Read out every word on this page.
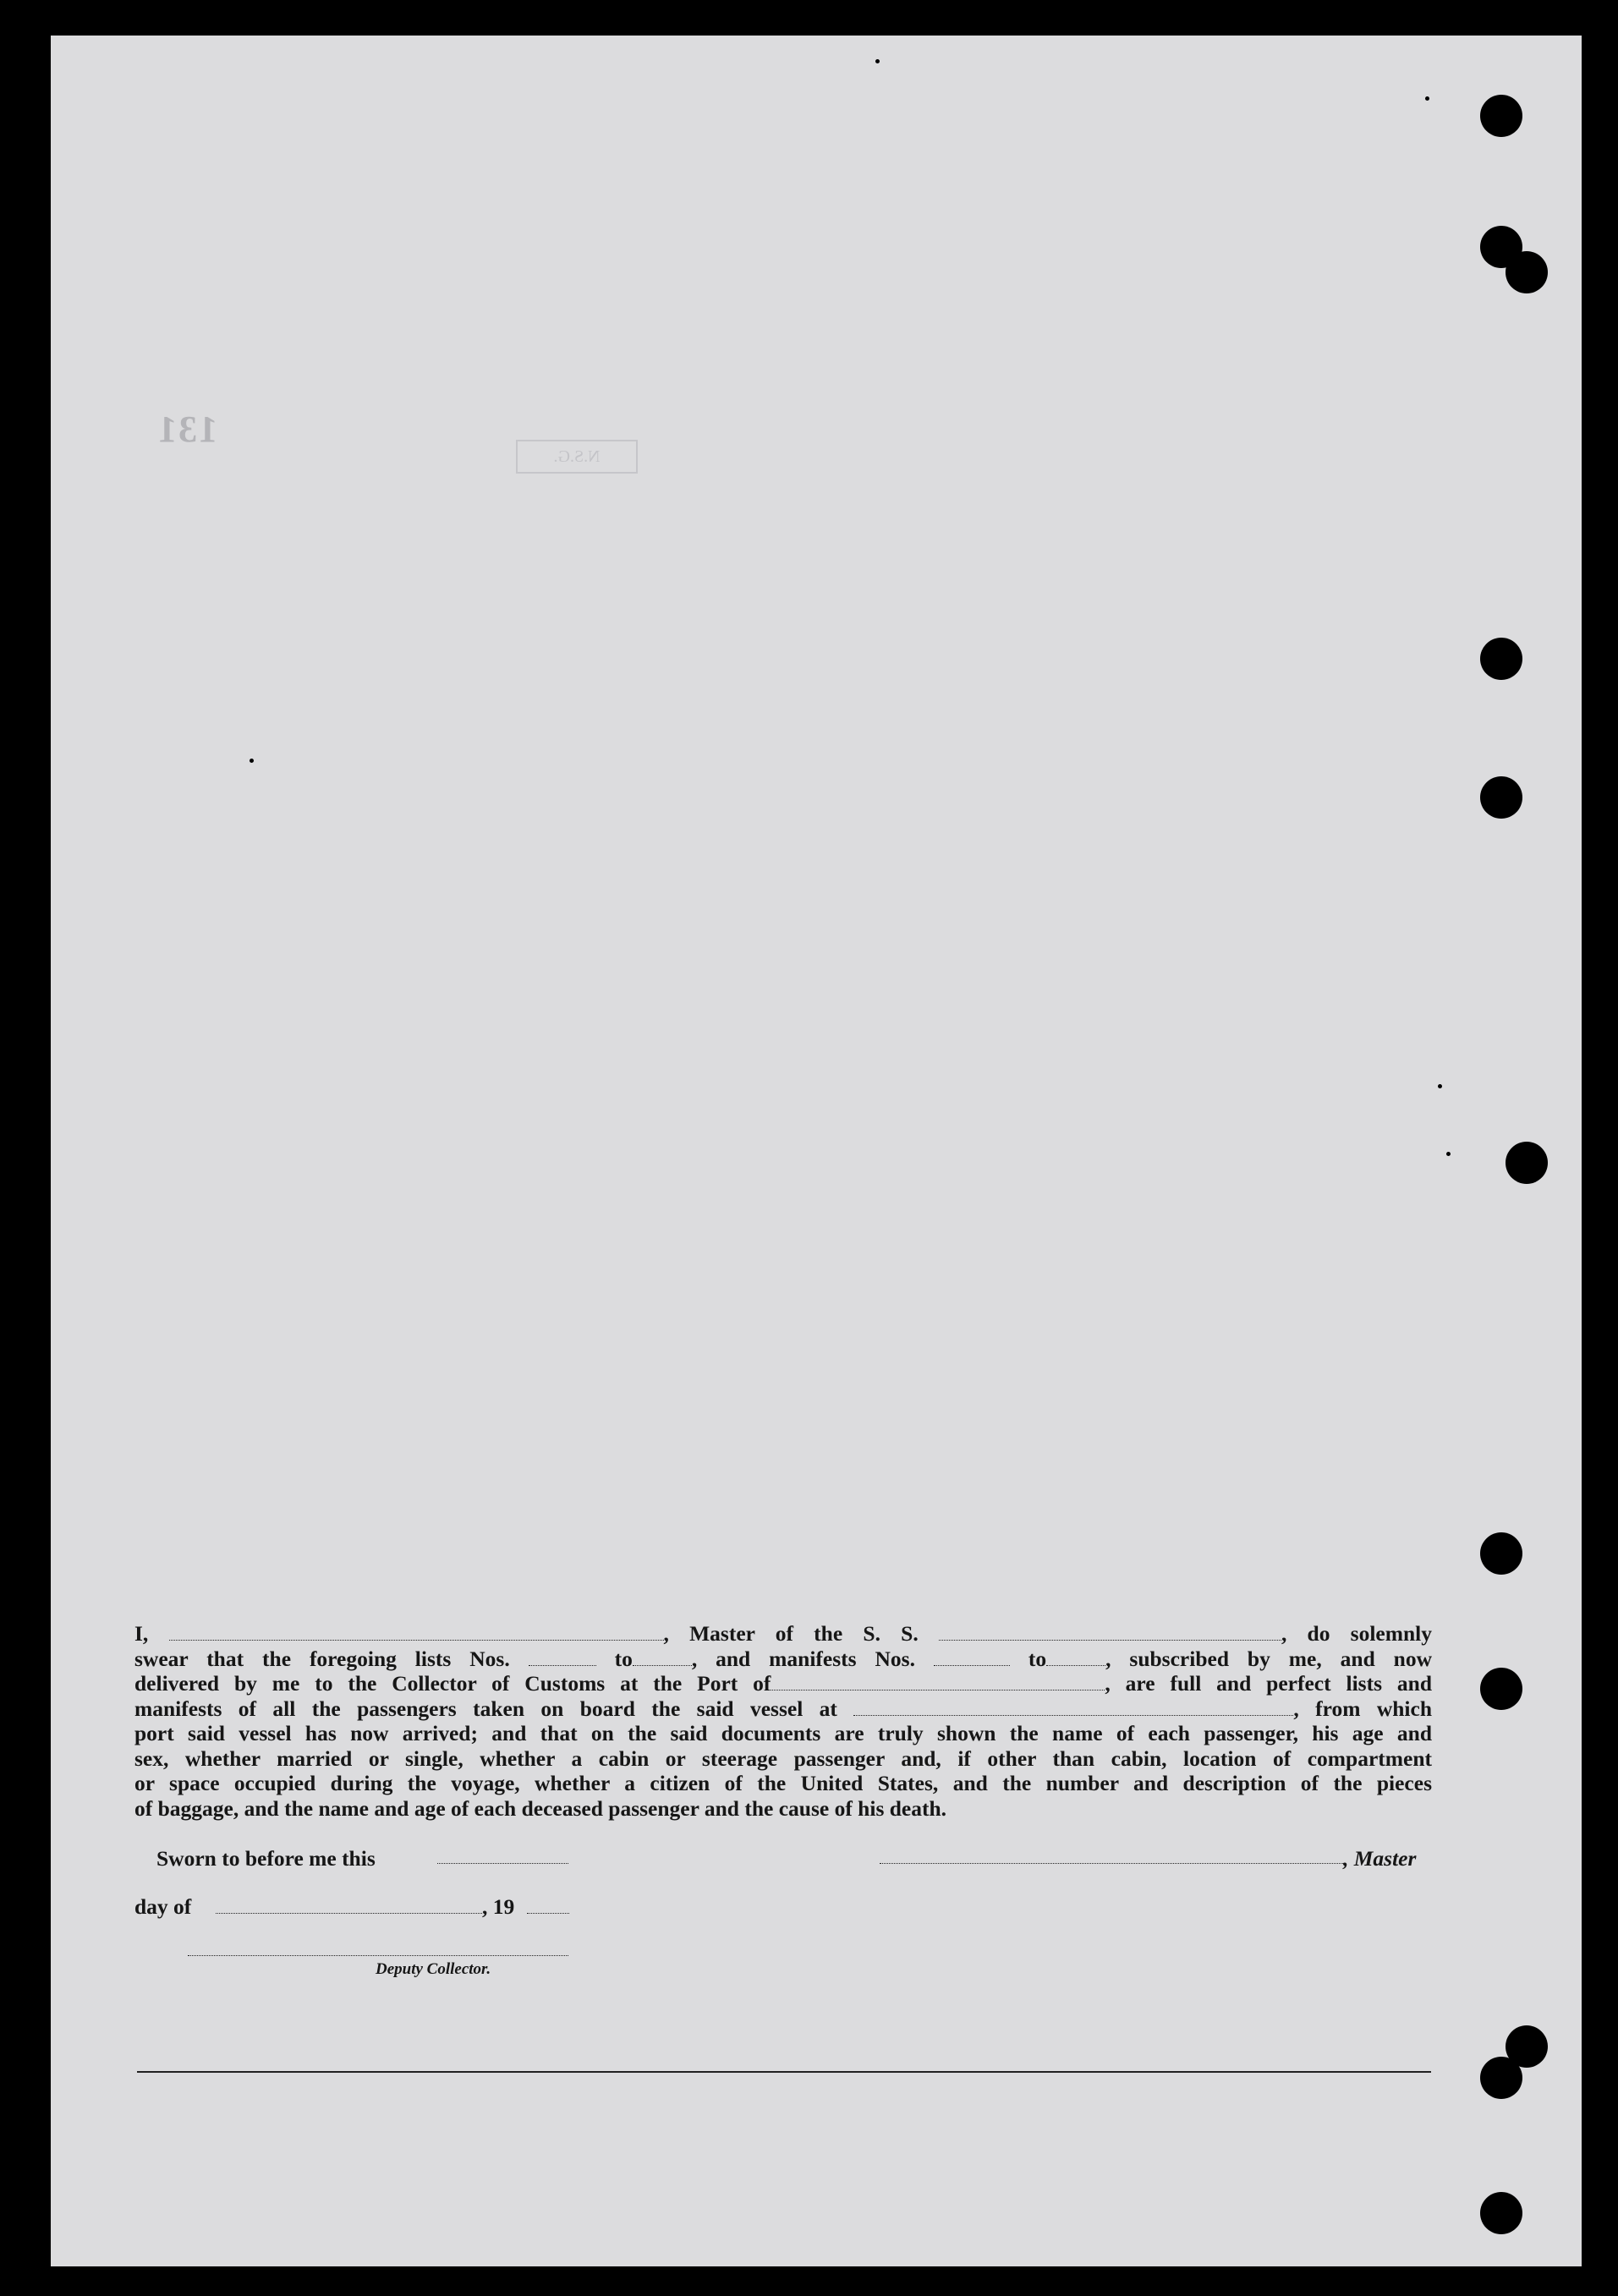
131
N.S.G.
I,	, Master of the S. S.	, do solemnly
swear that the foregoing lists Nos.	to	, and manifests Nos.	to	, subscribed by me, and now
delivered by me to the Collector of Customs at the Port of	, are full and perfect lists and
manifests of all the passengers taken on board the said vessel at	, from which
port said vessel has now arrived; and that on the said documents are truly shown the name of each passenger, his age and
sex, whether married or single, whether a cabin or steerage passenger and, if other than cabin, location of compartment
or space occupied during the voyage, whether a citizen of the United States, and the number and description of the pieces
of baggage, and the name and age of each deceased passenger and the cause of his death.
Sworn to before me this	, Master
day of	, 19
Deputy Collector.
